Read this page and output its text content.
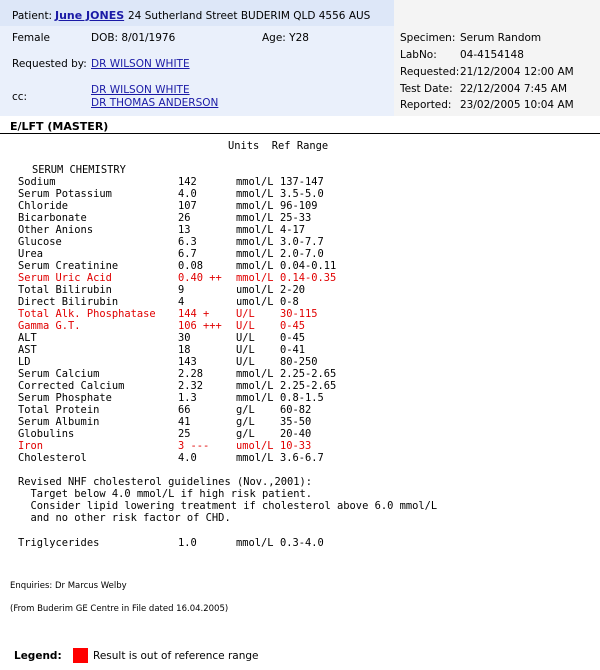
Patient: June JONES 24 Sutherland Street BUDERIM QLD 4556 AUS
Female	DOB: 8/01/1976	Age: Y28
Requested by: DR WILSON WHITE
cc:
DR WILSON WHITE
DR THOMAS ANDERSON
Specimen: Serum Random
LabNo: 04-4154148
Requested: 21/12/2004 12:00 AM
Test Date: 22/12/2004 7:45 AM
Reported: 23/02/2005 10:04 AM
E/LFT (MASTER)
Units  Ref Range
SERUM CHEMISTRY
Sodium	142	mmol/L 137-147
Serum Potassium	4.0	mmol/L 3.5-5.0
Chloride	107	mmol/L 96-109
Bicarbonate	26	mmol/L 25-33
Other Anions	13	mmol/L 4-17
Glucose	6.3	mmol/L 3.0-7.7
Urea	6.7	mmol/L 2.0-7.0
Serum Creatinine	0.08	mmol/L 0.04-0.11
Serum Uric Acid	0.40 ++ mmol/L 0.14-0.35
Total Bilirubin	9	umol/L 2-20
Direct Bilirubin	4	umol/L 0-8
Total Alk. Phosphatase 144 +	U/L 30-115
Gamma G.T.	106 +++ U/L 0-45
ALT	30	U/L 0-45
AST	18	U/L 0-41
LD	143	U/L 80-250
Serum Calcium	2.28	mmol/L 2.25-2.65
Corrected Calcium	2.32	mmol/L 2.25-2.65
Serum Phosphate	1.3	mmol/L 0.8-1.5
Total Protein	66	g/L 60-82
Serum Albumin	41	g/L 35-50
Globulins	25	g/L 20-40
Iron	3 ---	umol/L 10-33
Cholesterol	4.0	mmol/L 3.6-6.7
Revised NHF cholesterol guidelines (Nov.,2001):
Target below 4.0 mmol/L if high risk patient.
Consider lipid lowering treatment if cholesterol above 6.0 mmol/L
and no other risk factor of CHD.
Triglycerides	1.0	mmol/L 0.3-4.0
Enquiries: Dr Marcus Welby
(From Buderim GE Centre in File dated 16.04.2005)
Legend:	Result is out of reference range
